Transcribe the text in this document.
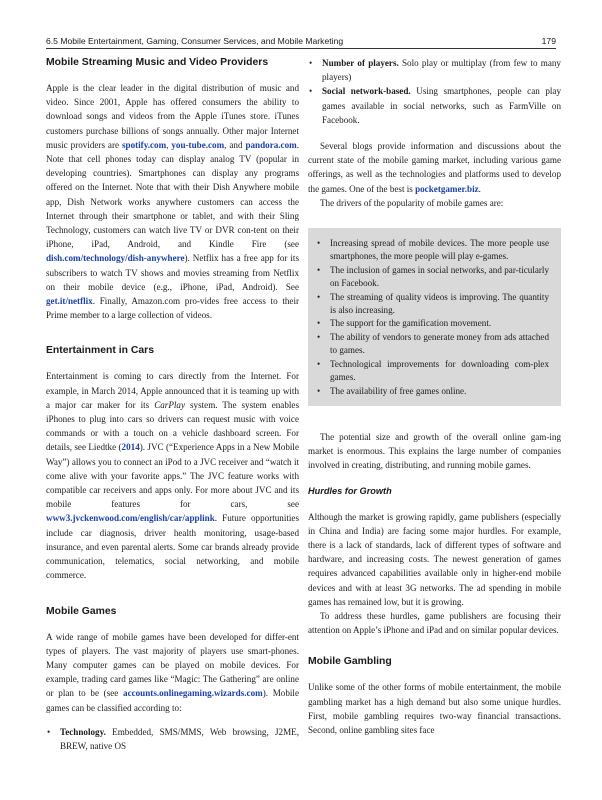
6.5 Mobile Entertainment, Gaming, Consumer Services, and Mobile Marketing	179
Mobile Streaming Music and Video Providers

Apple is the clear leader in the digital distribution of music and video. Since 2001, Apple has offered consumers the ability to download songs and videos from the Apple iTunes store. iTunes customers purchase billions of songs annually. Other major Internet music providers are spotify.com, you-tube.com, and pandora.com. Note that cell phones today can display analog TV (popular in developing countries). Smartphones can display any programs offered on the Internet. Note that with their Dish Anywhere mobile app, Dish Network works anywhere customers can access the Internet through their smartphone or tablet, and with their Sling Technology, customers can watch live TV or DVR con-tent on their iPhone, iPad, Android, and Kindle Fire (see dish.com/technology/dish-anywhere). Netflix has a free app for its subscribers to watch TV shows and movies streaming from Netflix on their mobile device (e.g., iPhone, iPad, Android). See get.it/netflix. Finally, Amazon.com pro-vides free access to their Prime member to a large collection of videos.

Entertainment in Cars

Entertainment is coming to cars directly from the Internet. For example, in March 2014, Apple announced that it is teaming up with a major car maker for its CarPlay system. The system enables iPhones to plug into cars so drivers can request music with voice commands or with a touch on a vehicle dashboard screen. For details, see Liedtke (2014). JVC (“Experience Apps in a New Mobile Way”) allows you to connect an iPod to a JVC receiver and “watch it come alive with your favorite apps.” The JVC feature works with compatible car receivers and apps only. For more about JVC and its mobile features for cars, see www3.jvckenwood.com/english/car/applink. Future opportunities include car diagnosis, driver health monitoring, usage-based insurance, and even parental alerts. Some car brands already provide communication, telematics, social networking, and mobile commerce.

Mobile Games

A wide range of mobile games have been developed for differ-ent types of players. The vast majority of players use smart-phones. Many computer games can be played on mobile devices. For example, trading card games like “Magic: The Gathering” are online or plan to be (see accounts.onlinegaming.wizards.com). Mobile games can be classified according to:

• Technology. Embedded, SMS/MMS, Web browsing, J2ME, BREW, native OS
• Number of players. Solo play or multiplay (from few to many players)
• Social network-based. Using smartphones, people can play games available in social networks, such as FarmVille on Facebook.

Several blogs provide information and discussions about the current state of the mobile gaming market, including various game offerings, as well as the technologies and platforms used to develop the games. One of the best is pocketgamer.biz.

The drivers of the popularity of mobile games are:

• Increasing spread of mobile devices. The more people use smartphones, the more people will play e-games.
• The inclusion of games in social networks, and par-ticularly on Facebook.
• The streaming of quality videos is improving. The quantity is also increasing.
• The support for the gamification movement.
• The ability of vendors to generate money from ads attached to games.
• Technological improvements for downloading com-plex games.
• The availability of free games online.

The potential size and growth of the overall online gam-ing market is enormous. This explains the large number of companies involved in creating, distributing, and running mobile games.

Hurdles for Growth

Although the market is growing rapidly, game publishers (especially in China and India) are facing some major hurdles. For example, there is a lack of standards, lack of different types of software and hardware, and increasing costs. The newest generation of games requires advanced capabilities available only in higher-end mobile devices and with at least 3G networks. The ad spending in mobile games has remained low, but it is growing.

To address these hurdles, game publishers are focusing their attention on Apple’s iPhone and iPad and on similar popular devices.

Mobile Gambling

Unlike some of the other forms of mobile entertainment, the mobile gambling market has a high demand but also some unique hurdles. First, mobile gambling requires two-way financial transactions. Second, online gambling sites face
